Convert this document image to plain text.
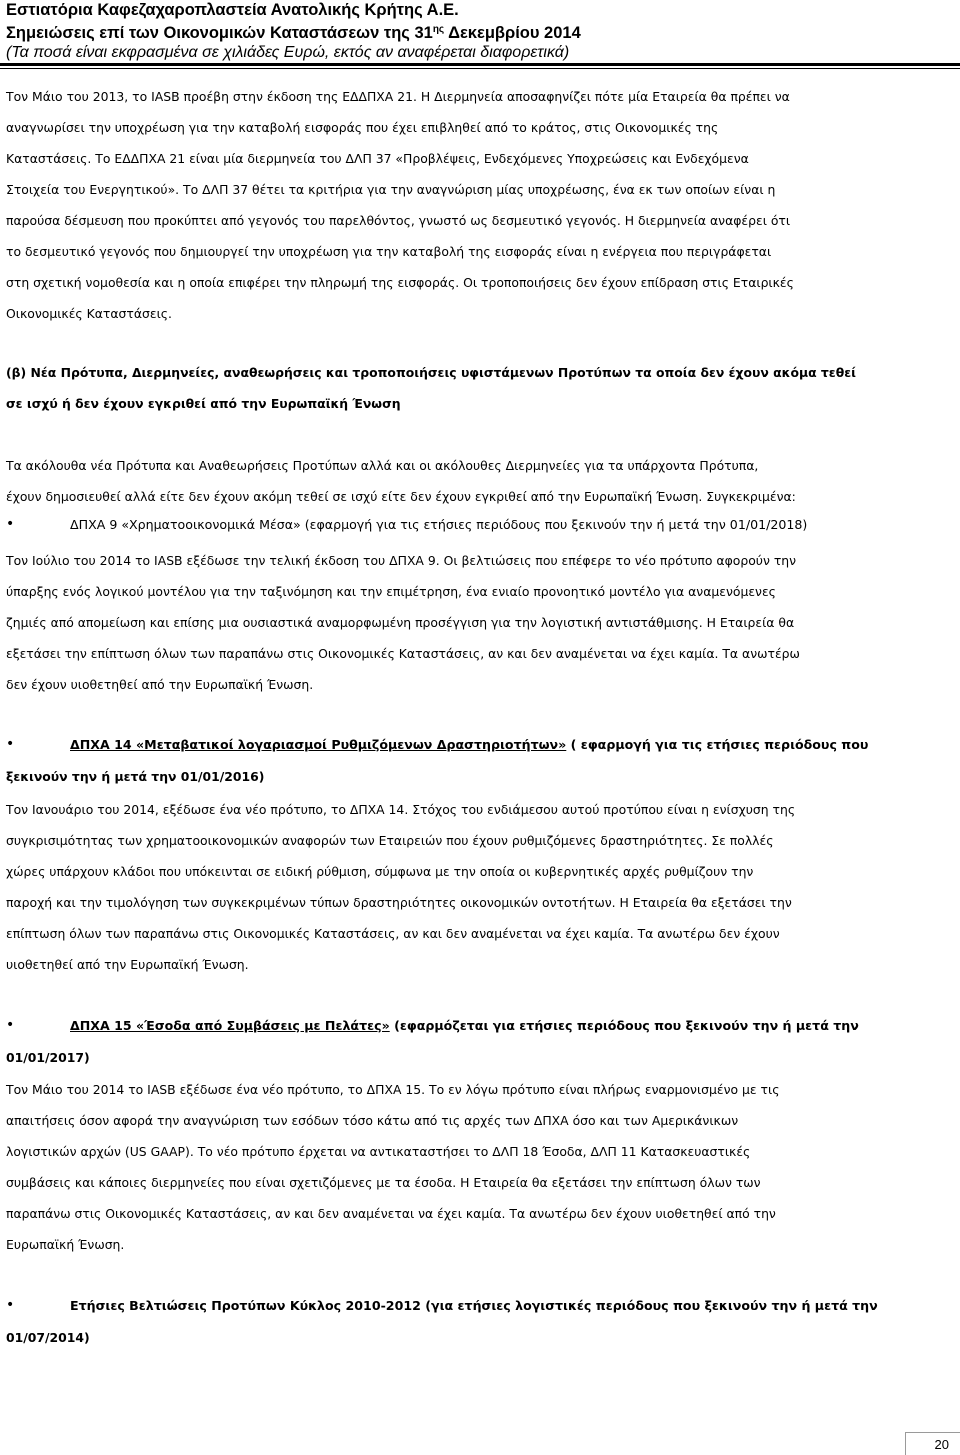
Εστιατόρια Καφεζαχαροπλαστεία Ανατολικής Κρήτης Α.Ε.
Σημειώσεις επί των Οικονομικών Καταστάσεων της $31^{\eta\varsigma}$ Δεκεμβρίου 2014
(Τα ποσά είναι εκφρασμένα σε χιλιάδες Ευρώ, εκτός αν αναφέρεται διαφορετικά)
Τον Μάιο του 2013, το IASB προέβη στην έκδοση της ΕΔΔΠΧΑ 21. Η Διερμηνεία αποσαφηνίζει πότε μία Εταιρεία θα πρέπει να
αναγνωρίσει την υποχρέωση για την καταβολή εισφοράς που έχει επιβληθεί από το κράτος, στις Οικονομικές της
Καταστάσεις. Το ΕΔΔΠΧΑ 21 είναι μία διερμηνεία του ΔΛΠ 37 «Προβλέψεις, Ενδεχόμενες Υποχρεώσεις και Ενδεχόμενα
Στοιχεία του Ενεργητικού». Το ΔΛΠ 37 θέτει τα κριτήρια για την αναγνώριση μίας υποχρέωσης, ένα εκ των οποίων είναι η
παρούσα δέσμευση που προκύπτει από γεγονός του παρελθόντος, γνωστό ως δεσμευτικό γεγονός. Η διερμηνεία αναφέρει ότι
το δεσμευτικό γεγονός που δημιουργεί την υποχρέωση για την καταβολή της εισφοράς είναι η ενέργεια που περιγράφεται
στη σχετική νομοθεσία και η οποία επιφέρει την πληρωμή της εισφοράς. Οι τροποποιήσεις δεν έχουν επίδραση στις Εταιρικές
Οικονομικές Καταστάσεις.
(β) Νέα Πρότυπα, Διερμηνείες, αναθεωρήσεις και τροποποιήσεις υφιστάμενων Προτύπων τα οποία δεν έχουν ακόμα τεθεί
σε ισχύ ή δεν έχουν εγκριθεί από την Ευρωπαϊκή Ένωση
Τα ακόλουθα νέα Πρότυπα και Αναθεωρήσεις Προτύπων αλλά και οι ακόλουθες Διερμηνείες για τα υπάρχοντα Πρότυπα,
έχουν δημοσιευθεί αλλά είτε δεν έχουν ακόμη τεθεί σε ισχύ είτε δεν έχουν εγκριθεί από την Ευρωπαϊκή Ένωση. Συγκεκριμένα:
•	ΔΠΧΑ 9 «Χρηματοοικονομικά Μέσα» (εφαρμογή για τις ετήσιες περιόδους που ξεκινούν την ή μετά την 01/01/2018)
Τον Ιούλιο του 2014 το IASB εξέδωσε την τελική έκδοση του ΔΠΧΑ 9. Οι βελτιώσεις που επέφερε το νέο πρότυπο αφορούν την
ύπαρξης ενός λογικού μοντέλου για την ταξινόμηση και την επιμέτρηση, ένα ενιαίο προνοητικό μοντέλο για αναμενόμενες
ζημιές από απομείωση και επίσης μια ουσιαστικά αναμορφωμένη προσέγγιση για την λογιστική αντιστάθμισης. Η Εταιρεία θα
εξετάσει την επίπτωση όλων των παραπάνω στις Οικονομικές Καταστάσεις, αν και δεν αναμένεται να έχει καμία. Τα ανωτέρω
δεν έχουν υιοθετηθεί από την Ευρωπαϊκή Ένωση.
•	ΔΠΧΑ 14 «Μεταβατικοί λογαριασμοί Ρυθμιζόμενων Δραστηριοτήτων» ( εφαρμογή για τις ετήσιες περιόδους που
ξεκινούν την ή μετά την 01/01/2016)
Τον Ιανουάριο του 2014, εξέδωσε ένα νέο πρότυπο, το ΔΠΧΑ 14. Στόχος του ενδιάμεσου αυτού προτύπου είναι η ενίσχυση της
συγκρισιμότητας των χρηματοοικονομικών αναφορών των Εταιρειών που έχουν ρυθμιζόμενες δραστηριότητες. Σε πολλές
χώρες υπάρχουν κλάδοι που υπόκεινται σε ειδική ρύθμιση, σύμφωνα με την οποία οι κυβερνητικές αρχές ρυθμίζουν την
παροχή και την τιμολόγηση των συγκεκριμένων τύπων δραστηριότητες οικονομικών οντοτήτων. Η Εταιρεία θα εξετάσει την
επίπτωση όλων των παραπάνω στις Οικονομικές Καταστάσεις, αν και δεν αναμένεται να έχει καμία. Τα ανωτέρω δεν έχουν
υιοθετηθεί από την Ευρωπαϊκή Ένωση.
•	ΔΠΧΑ 15 «Έσοδα από Συμβάσεις με Πελάτες» (εφαρμόζεται για ετήσιες περιόδους που ξεκινούν την ή μετά την
01/01/2017)
Τον Μάιο του 2014 το IASB εξέδωσε ένα νέο πρότυπο, το ΔΠΧΑ 15. Το εν λόγω πρότυπο είναι πλήρως εναρμονισμένο με τις
απαιτήσεις όσον αφορά την αναγνώριση των εσόδων τόσο κάτω από τις αρχές των ΔΠΧΑ όσο και των Αμερικάνικων
λογιστικών αρχών (US GAAP). Το νέο πρότυπο έρχεται να αντικαταστήσει το ΔΛΠ 18 Έσοδα, ΔΛΠ 11 Κατασκευαστικές
συμβάσεις και κάποιες διερμηνείες που είναι σχετιζόμενες με τα έσοδα. Η Εταιρεία θα εξετάσει την επίπτωση όλων των
παραπάνω στις Οικονομικές Καταστάσεις, αν και δεν αναμένεται να έχει καμία. Τα ανωτέρω δεν έχουν υιοθετηθεί από την
Ευρωπαϊκή Ένωση.
•	Ετήσιες Βελτιώσεις Προτύπων Κύκλος 2010-2012 (για ετήσιες λογιστικές περιόδους που ξεκινούν την ή μετά την
01/07/2014)
20
